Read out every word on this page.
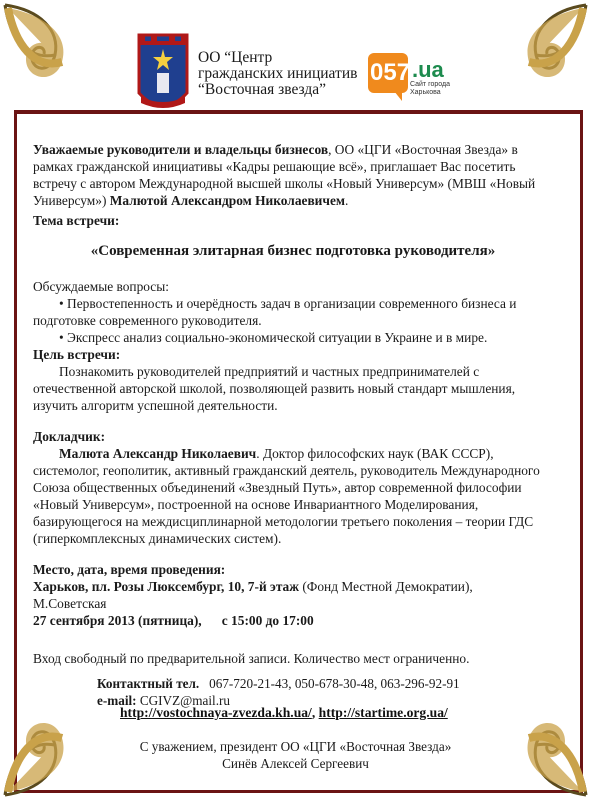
ОО “Центр
гражданских инициатив
“Восточная звезда”
057 .ua
Сайт города Харькова

Уважаемые руководители и владельцы бизнесов, ОО «ЦГИ «Восточная Звезда» в рамках гражданской инициативы «Кадры решающие всё», приглашает Вас посетить встречу с автором Международной высшей школы «Новый Универсум» (МВШ «Новый Универсум») Малютой Александром Николаевичем.

Тема встречи:

«Современная элитарная бизнес подготовка руководителя»

Обсуждаемые вопросы:

• Первостепенность и очерёдность задач в организации современного бизнеса и подготовке современного руководителя.

• Экспресс анализ социально-экономической ситуации в Украине и в мире.

Цель встречи:

Познакомить руководителей предприятий и частных предпринимателей с отечественной авторской школой, позволяющей развить новый стандарт мышления, изучить алгоритм успешной деятельности.

Докладчик:

Малюта Александр Николаевич. Доктор философских наук (ВАК СССР), системолог, геополитик, активный гражданский деятель, руководитель Международного Союза общественных объединений «Звездный Путь», автор современной философии «Новый Универсум», построенной на основе Инвариантного Моделирования, базирующегося на междисциплинарной методологии третьего поколения – теории ГДС (гиперкомплексных динамических систем).

Место, дата, время проведения:

Харьков, пл. Розы Люксембург, 10, 7-й этаж (Фонд Местной Демократии),

М.Советская

27 сентября 2013 (пятница), с 15:00 до 17:00

Вход свободный по предварительной записи. Количество мест ограниченно.

Контактный тел. 067-720-21-43, 050-678-30-48, 063-296-92-91
e-mail: CGIVZ@mail.ru
http://vostochnaya-zvezda.kh.ua/, http://startime.org.ua/
С уважением, президент ОО «ЦГИ «Восточная Звезда»
Синёв Алексей Сергеевич
